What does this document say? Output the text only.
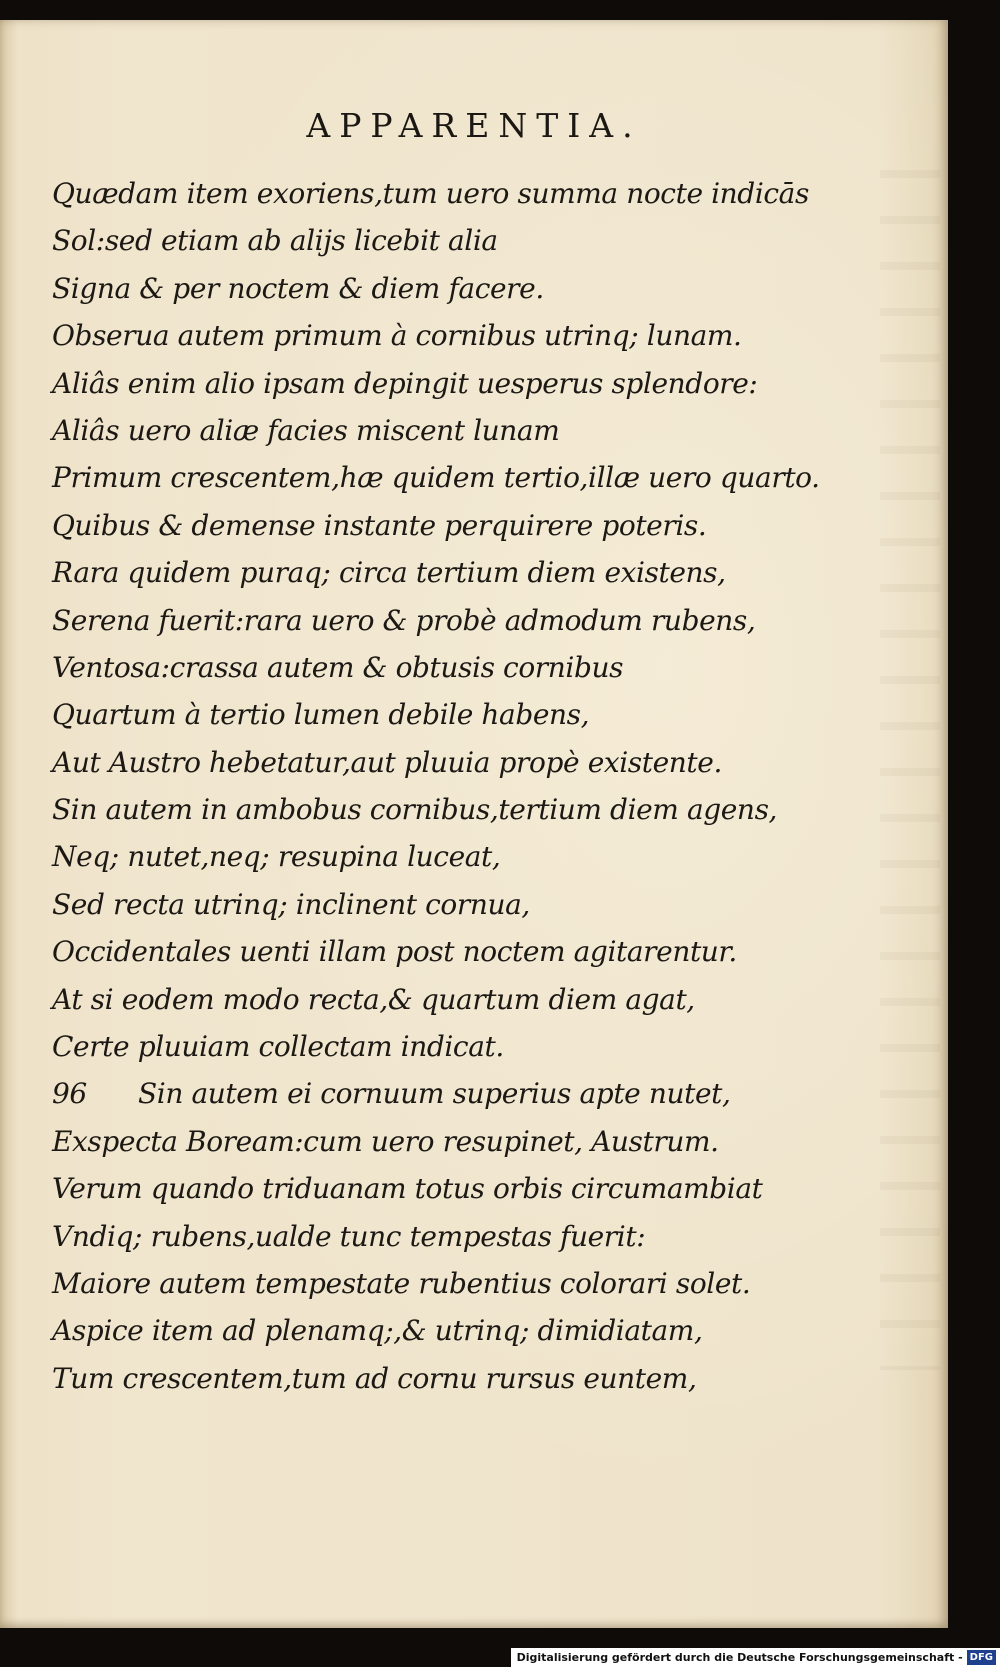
APPARENTIA.
Quædam item exoriens,tum uero summa nocte indicās
Sol:sed etiam ab alijs licebit alia
Signa & per noctem & diem facere.
Obserua autem primum à cornibus utrinq; lunam.
Aliâs enim alio ipsam depingit uesperus splendore:
Aliâs uero aliæ facies miscent lunam
Primum crescentem,hæ quidem tertio,illæ uero quarto.
Quibus & demense instante perquirere poteris.
Rara quidem puraq; circa tertium diem existens,
Serena fuerit:rara uero & probè admodum rubens,
Ventosa:crassa autem & obtusis cornibus
Quartum à tertio lumen debile habens,
Aut Austro hebetatur,aut pluuia propè existente.
Sin autem in ambobus cornibus,tertium diem agens,
Neq; nutet,neq; resupina luceat,
Sed recta utrinq; inclinent cornua,
Occidentales uenti illam post noctem agitarentur.
At si eodem modo recta,& quartum diem agat,
Certe pluuiam collectam indicat.
96 Sin autem ei cornuum superius apte nutet,
Exspecta Boream:cum uero resupinet, Austrum.
Verum quando triduanam totus orbis circumambiat
Vndiq; rubens,ualde tunc tempestas fuerit:
Maiore autem tempestate rubentius colorari solet.
Aspice item ad plenamq;,& utrinq; dimidiatam,
Tum crescentem,tum ad cornu rursus euntem,
Digitalisierung gefördert durch die Deutsche Forschungsgemeinschaft - DFG
